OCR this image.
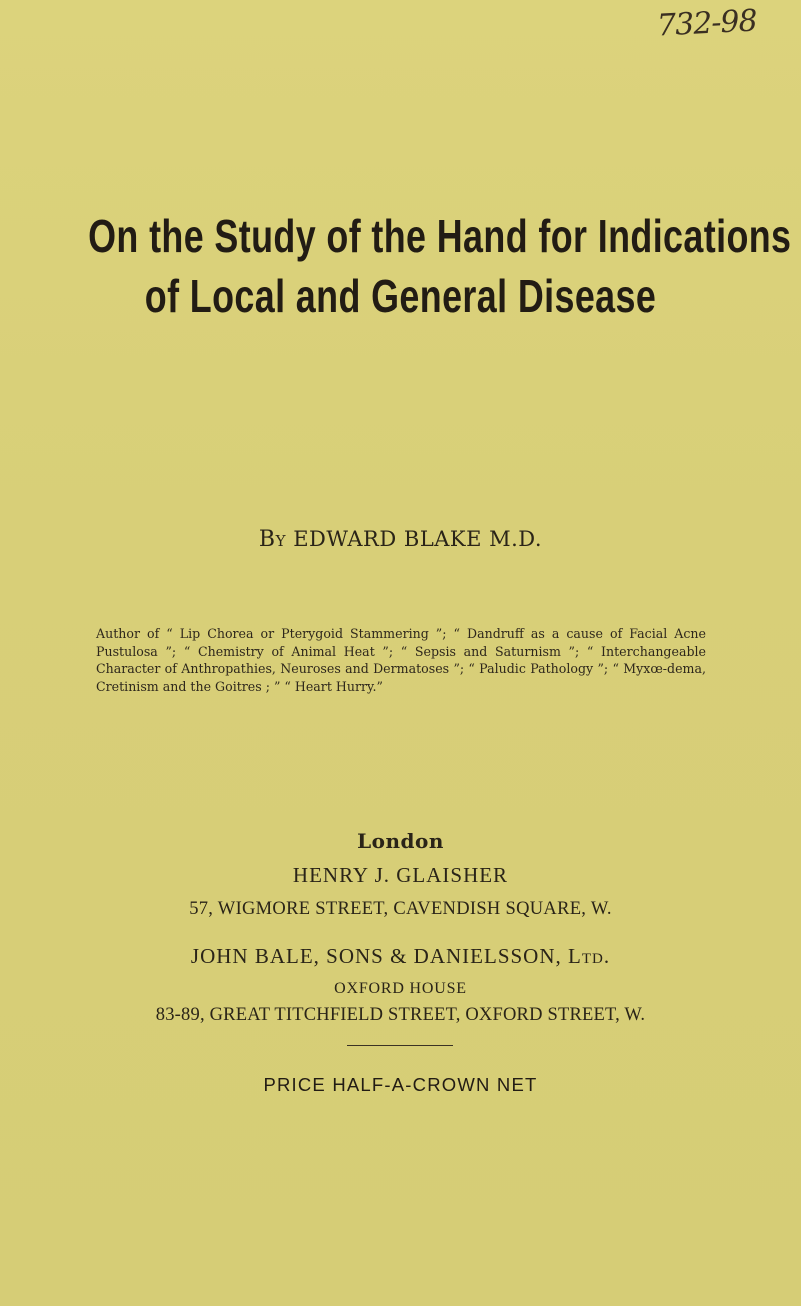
732-98
On the Study of the Hand for Indications
of Local and General Disease
By EDWARD BLAKE M.D.
Author of “ Lip Chorea or Pterygoid Stammering ”; “ Dandruff as a cause of Facial Acne Pustulosa ”; “ Chemistry of Animal Heat ”; “ Sepsis and Saturnism ”; “ Interchangeable Character of Anthropathies, Neuroses and Dermatoses ”; “ Paludic Pathology ”; “ Myxœ-dema, Cretinism and the Goitres ; ” “ Heart Hurry.”
London
HENRY J. GLAISHER
57, WIGMORE STREET, CAVENDISH SQUARE, W.
JOHN BALE, SONS & DANIELSSON, Ltd.
OXFORD HOUSE
83-89, GREAT TITCHFIELD STREET, OXFORD STREET, W.
PRICE HALF-A-CROWN NET
